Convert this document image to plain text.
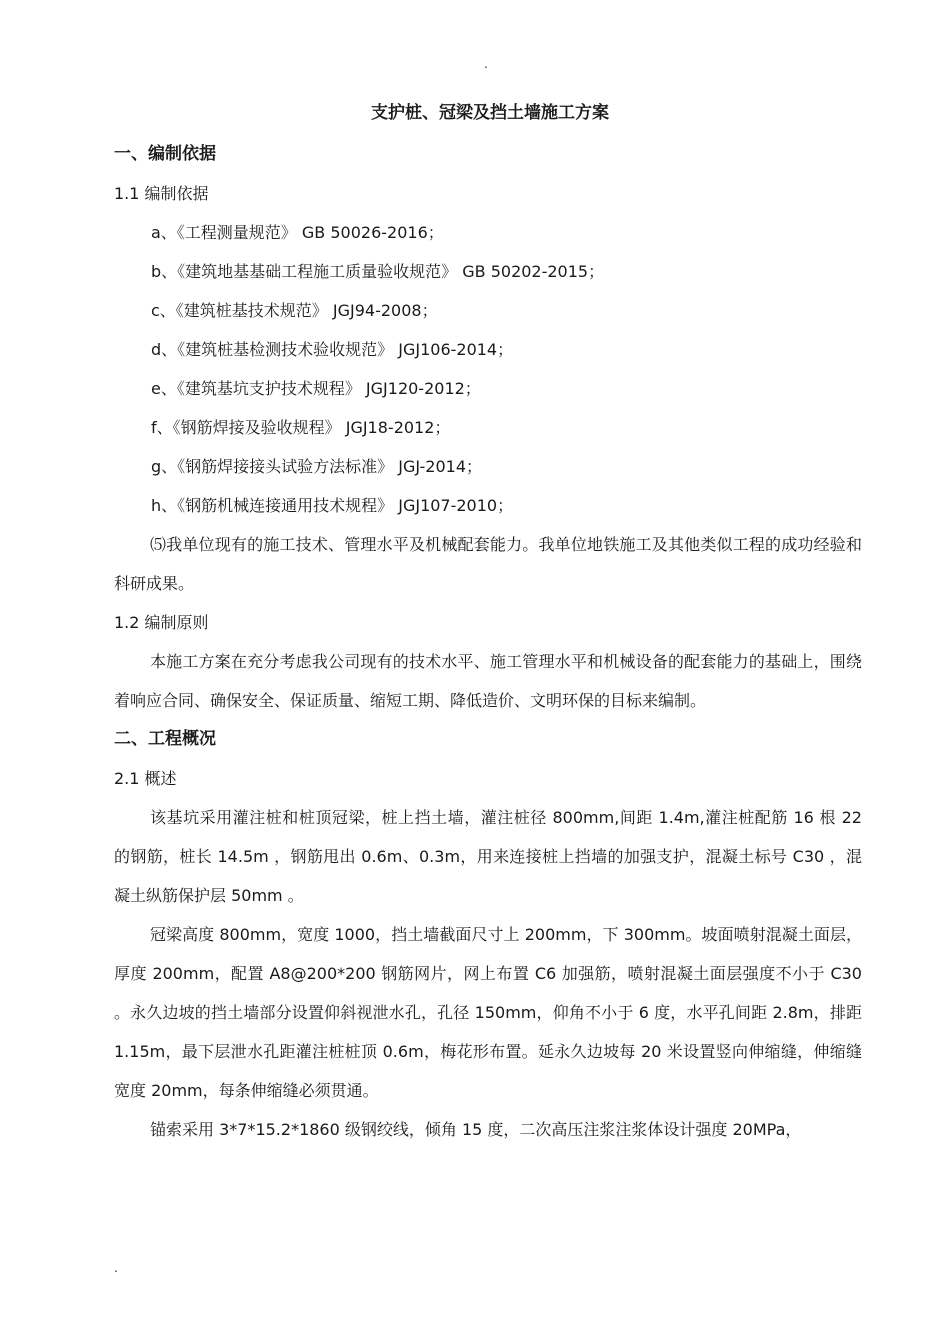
.
支护桩、冠梁及挡土墙施工方案
一、编制依据
1.1 编制依据
a、《工程测量规范》 GB 50026-2016；
b、《建筑地基基础工程施工质量验收规范》 GB 50202-2015；
c、《建筑桩基技术规范》 JGJ94-2008；
d、《建筑桩基检测技术验收规范》 JGJ106-2014；
e、《建筑基坑支护技术规程》 JGJ120-2012；
f、《钢筋焊接及验收规程》 JGJ18-2012；
g、《钢筋焊接接头试验方法标准》 JGJ-2014；
h、《钢筋机械连接通用技术规程》 JGJ107-2010；

⑸我单位现有的施工技术、管理水平及机械配套能力。我单位地铁施工及其他类似工程的成功经验和科研成果。

1.2 编制原则

本施工方案在充分考虑我公司现有的技术水平、施工管理水平和机械设备的配套能力的基础上，围绕着响应合同、确保安全、保证质量、缩短工期、降低造价、文明环保的目标来编制。

二、工程概况
2.1 概述

该基坑采用灌注桩和桩顶冠梁，桩上挡土墙，灌注桩径 800mm,间距 1.4m,灌注桩配筋 16 根 22 的钢筋，桩长 14.5m ，钢筋甩出 0.6m、0.3m，用来连接桩上挡墙的加强支护，混凝土标号 C30 ，混凝土纵筋保护层 50mm 。

冠梁高度 800mm，宽度 1000，挡土墙截面尺寸上 200mm，下 300mm。坡面喷射混凝土面层，厚度 200mm，配置 A8@200*200 钢筋网片，网上布置 C6 加强筋，喷射混凝土面层强度不小于 C30 。永久边坡的挡土墙部分设置仰斜视泄水孔，孔径 150mm，仰角不小于 6 度，水平孔间距 2.8m，排距 1.15m，最下层泄水孔距灌注桩桩顶 0.6m，梅花形布置。延永久边坡每 20 米设置竖向伸缩缝，伸缩缝宽度 20mm，每条伸缩缝必须贯通。

锚索采用 3*7*15.2*1860 级钢绞线，倾角 15 度，二次高压注浆注浆体设计强度 20MPa，

.
